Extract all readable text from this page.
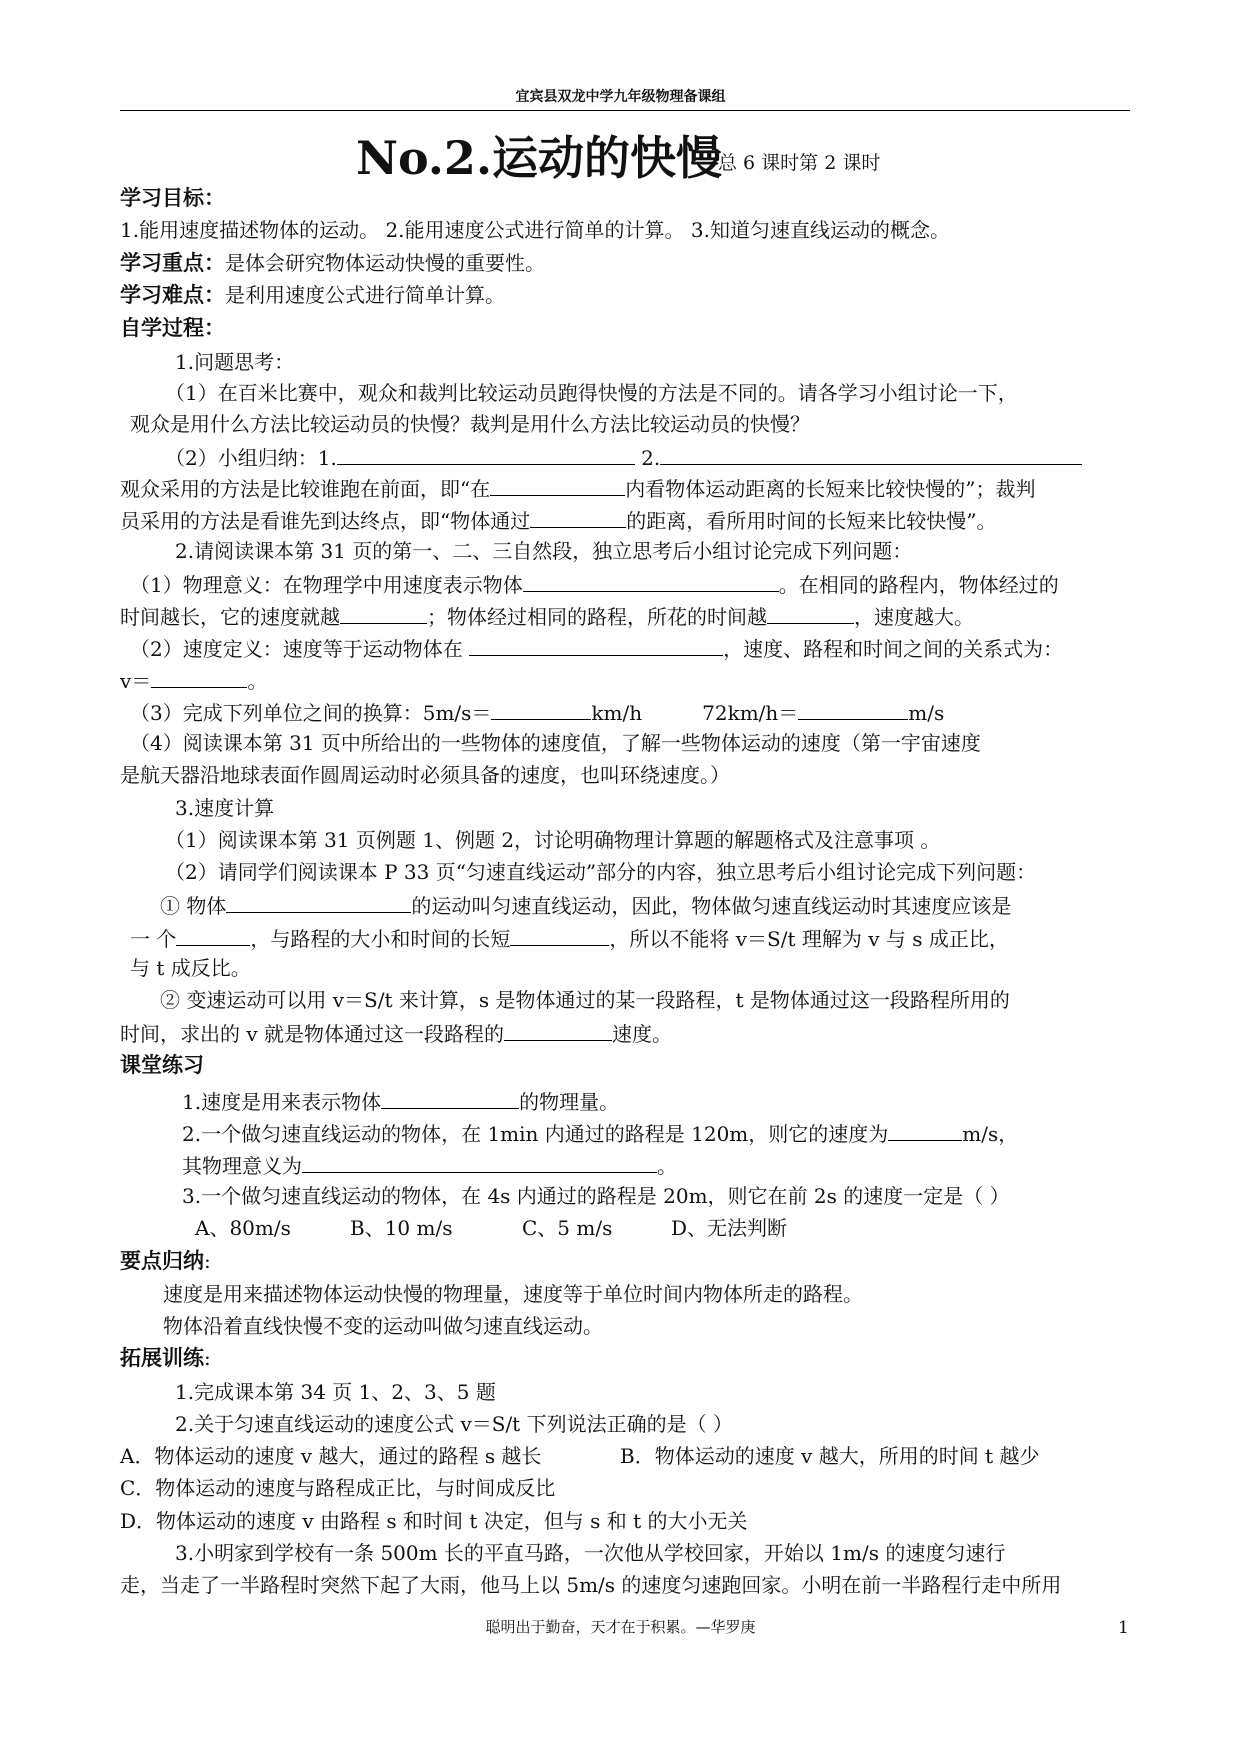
宜宾县双龙中学九年级物理备课组
No.2.运动的快慢
总 6 课时第 2 课时
学习目标：
1.能用速度描述物体的运动。 2.能用速度公式进行简单的计算。 3.知道匀速直线运动的概念。
学习重点：是体会研究物体运动快慢的重要性。
学习难点：是利用速度公式进行简单计算。
自学过程：
1.问题思考：
（1）在百米比赛中，观众和裁判比较运动员跑得快慢的方法是不同的。请各学习小组讨论一下，
观众是用什么方法比较运动员的快慢？裁判是用什么方法比较运动员的快慢？
（2）小组归纳：1.	2.
观众采用的方法是比较谁跑在前面，即“在	内看物体运动距离的长短来比较快慢的”；裁判
员采用的方法是看谁先到达终点，即“物体通过	的距离，看所用时间的长短来比较快慢”。
2.请阅读课本第 31 页的第一、二、三自然段，独立思考后小组讨论完成下列问题：
（1）物理意义：在物理学中用速度表示物体	。在相同的路程内，物体经过的
时间越长，它的速度就越	；物体经过相同的路程，所花的时间越	，速度越大。
（2）速度定义：速度等于运动物体在	，速度、路程和时间之间的关系式为：
v＝	。
（3）完成下列单位之间的换算：5m/s＝	km/h	72km/h＝	m/s
（4）阅读课本第 31 页中所给出的一些物体的速度值，了解一些物体运动的速度（第一宇宙速度
是航天器沿地球表面作圆周运动时必须具备的速度，也叫环绕速度。）
3.速度计算
（1）阅读课本第 31 页例题 1、例题 2，讨论明确物理计算题的解题格式及注意事项 。
（2）请同学们阅读课本 P 33 页“匀速直线运动”部分的内容，独立思考后小组讨论完成下列问题：
① 物体	的运动叫匀速直线运动，因此，物体做匀速直线运动时其速度应该是
一 个	，与路程的大小和时间的长短	，所以不能将 v＝S/t 理解为 v 与 s 成正比，
与 t 成反比。
② 变速运动可以用 v＝S/t 来计算，s 是物体通过的某一段路程，t 是物体通过这一段路程所用的
时间，求出的 v 就是物体通过这一段路程的	速度。
课堂练习
1.速度是用来表示物体	的物理量。
2.一个做匀速直线运动的物体，在 1min 内通过的路程是 120m，则它的速度为	m/s，
其物理意义为	。
3.一个做匀速直线运动的物体，在 4s 内通过的路程是 20m，则它在前 2s 的速度一定是（ ）
A、80m/s	B、10 m/s	C、5 m/s	D、无法判断
要点归纳:
速度是用来描述物体运动快慢的物理量，速度等于单位时间内物体所走的路程。
物体沿着直线快慢不变的运动叫做匀速直线运动。
拓展训练:
1.完成课本第 34 页 1、2、3、5 题
2.关于匀速直线运动的速度公式 v＝S/t 下列说法正确的是（ ）
A．物体运动的速度 v 越大，通过的路程 s 越长	B．物体运动的速度 v 越大，所用的时间 t 越少
C．物体运动的速度与路程成正比，与时间成反比
D．物体运动的速度 v 由路程 s 和时间 t 决定，但与 s 和 t 的大小无关
3.小明家到学校有一条 500m 长的平直马路，一次他从学校回家，开始以 1m/s 的速度匀速行
走，当走了一半路程时突然下起了大雨，他马上以 5m/s 的速度匀速跑回家。小明在前一半路程行走中所用
聪明出于勤奋，天才在于积累。—华罗庚	1
